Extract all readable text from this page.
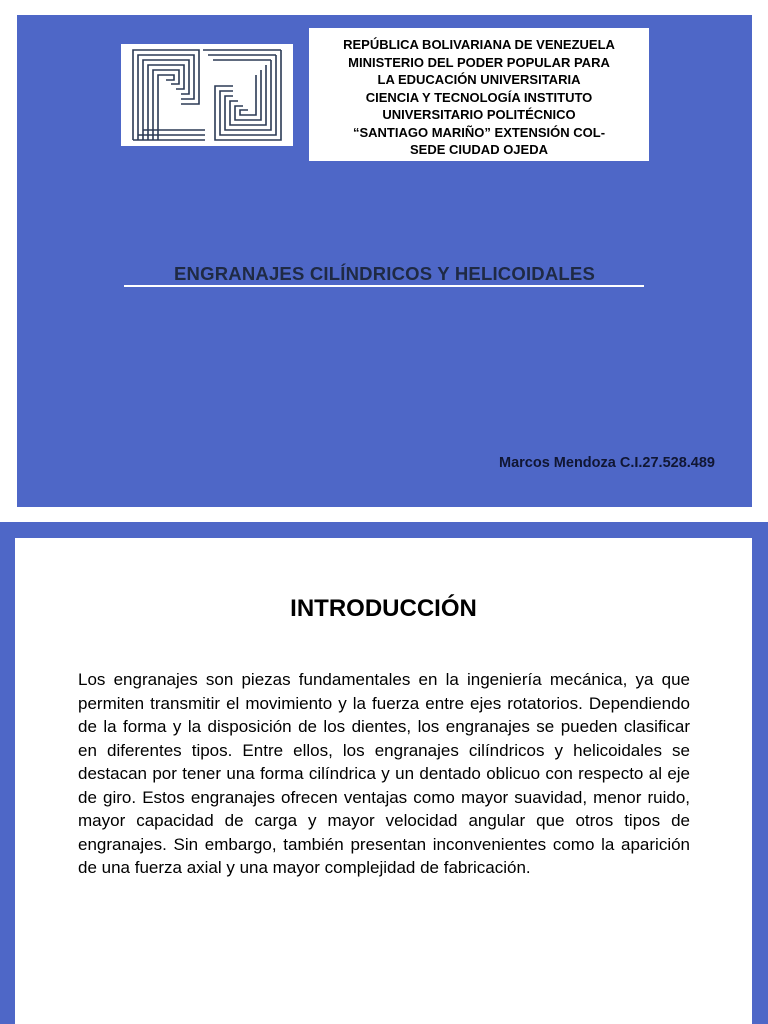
REPÚBLICA BOLIVARIANA DE VENEZUELA
MINISTERIO DEL PODER POPULAR PARA
LA EDUCACIÓN UNIVERSITARIA
CIENCIA Y TECNOLOGÍA INSTITUTO
UNIVERSITARIO POLITÉCNICO
“SANTIAGO MARIÑO” EXTENSIÓN COL-
SEDE CIUDAD OJEDA
ENGRANAJES CILÍNDRICOS Y HELICOIDALES
Marcos Mendoza C.I.27.528.489
INTRODUCCIÓN

Los engranajes son piezas fundamentales en la ingeniería mecánica, ya que permiten transmitir el movimiento y la fuerza entre ejes rotatorios. Dependiendo de la forma y la disposición de los dientes, los engranajes se pueden clasificar en diferentes tipos. Entre ellos, los engranajes cilíndricos y helicoidales se destacan por tener una forma cilíndrica y un dentado oblicuo con respecto al eje de giro. Estos engranajes ofrecen ventajas como mayor suavidad, menor ruido, mayor capacidad de carga y mayor velocidad angular que otros tipos de engranajes. Sin embargo, también presentan inconvenientes como la aparición de una fuerza axial y una mayor complejidad de fabricación.
